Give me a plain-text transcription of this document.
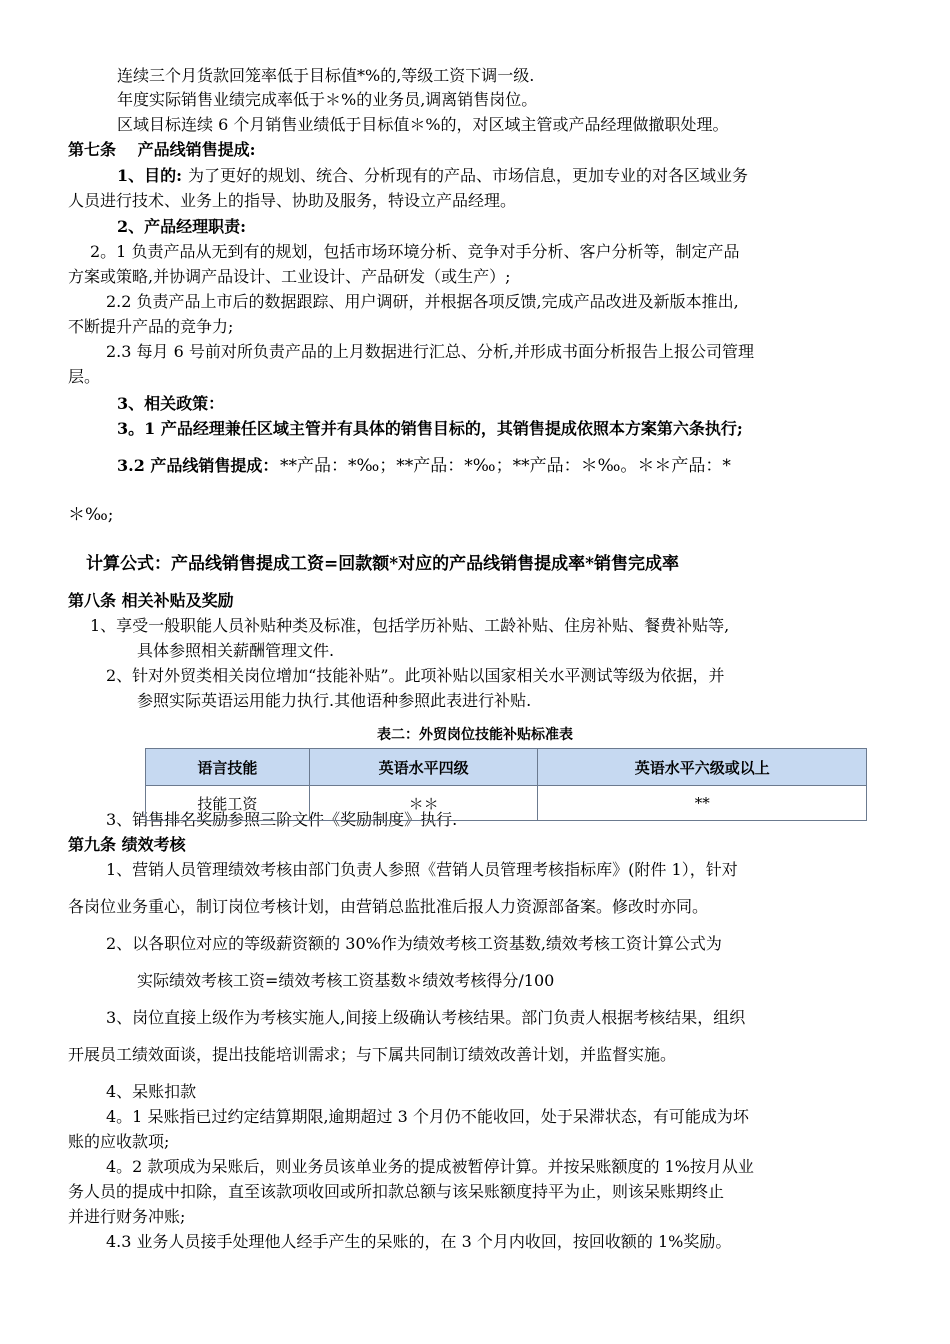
连续三个月货款回笼率低于目标值*%的,等级工资下调一级.
年度实际销售业绩完成率低于＊%的业务员,调离销售岗位。
区域目标连续 6 个月销售业绩低于目标值＊%的，对区域主管或产品经理做撤职处理。
第七条　 产品线销售提成:
1、目的: 为了更好的规划、统合、分析现有的产品、市场信息，更加专业的对各区域业务
人员进行技术、业务上的指导、协助及服务，特设立产品经理。
2、产品经理职责:
2。1 负责产品从无到有的规划，包括市场环境分析、竞争对手分析、客户分析等，制定产品
方案或策略,并协调产品设计、工业设计、产品研发（或生产）;
2.2 负责产品上市后的数据跟踪、用户调研，并根据各项反馈,完成产品改进及新版本推出,
不断提升产品的竞争力;
2.3 每月 6 号前对所负责产品的上月数据进行汇总、分析,并形成书面分析报告上报公司管理
层。
3、相关政策：
3。1 产品经理兼任区域主管并有具体的销售目标的，其销售提成依照本方案第六条执行;
3.2 产品线销售提成： **产品：*‰；**产品：*‰；**产品：＊‰。＊＊产品：*
＊‰;
计算公式：产品线销售提成工资=回款额*对应的产品线销售提成率*销售完成率
第八条 相关补贴及奖励
1、享受一般职能人员补贴种类及标准，包括学历补贴、工龄补贴、住房补贴、餐费补贴等,
具体参照相关薪酬管理文件.
2、针对外贸类相关岗位增加“技能补贴”。此项补贴以国家相关水平测试等级为依据，并
参照实际英语运用能力执行.其他语种参照此表进行补贴.
3、销售排名奖励参照三阶文件《奖励制度》执行.
第九条 绩效考核
1、营销人员管理绩效考核由部门负责人参照《营销人员管理考核指标库》(附件 1），针对
各岗位业务重心，制订岗位考核计划，由营销总监批准后报人力资源部备案。修改时亦同。
2、以各职位对应的等级薪资额的 30%作为绩效考核工资基数,绩效考核工资计算公式为
实际绩效考核工资=绩效考核工资基数＊绩效考核得分/100
3、岗位直接上级作为考核实施人,间接上级确认考核结果。部门负责人根据考核结果，组织
开展员工绩效面谈，提出技能培训需求；与下属共同制订绩效改善计划，并监督实施。
4、呆账扣款
4。1 呆账指已过约定结算期限,逾期超过 3 个月仍不能收回，处于呆滞状态，有可能成为坏
账的应收款项;
4。2 款项成为呆账后，则业务员该单业务的提成被暂停计算。并按呆账额度的 1%按月从业
务人员的提成中扣除，直至该款项收回或所扣款总额与该呆账额度持平为止，则该呆账期终止
并进行财务冲账;
4.3 业务人员接手处理他人经手产生的呆账的，在 3 个月内收回，按回收额的 1%奖励。
表二：外贸岗位技能补贴标准表
语言技能	英语水平四级	英语水平六级或以上
技能工资	＊＊	**
